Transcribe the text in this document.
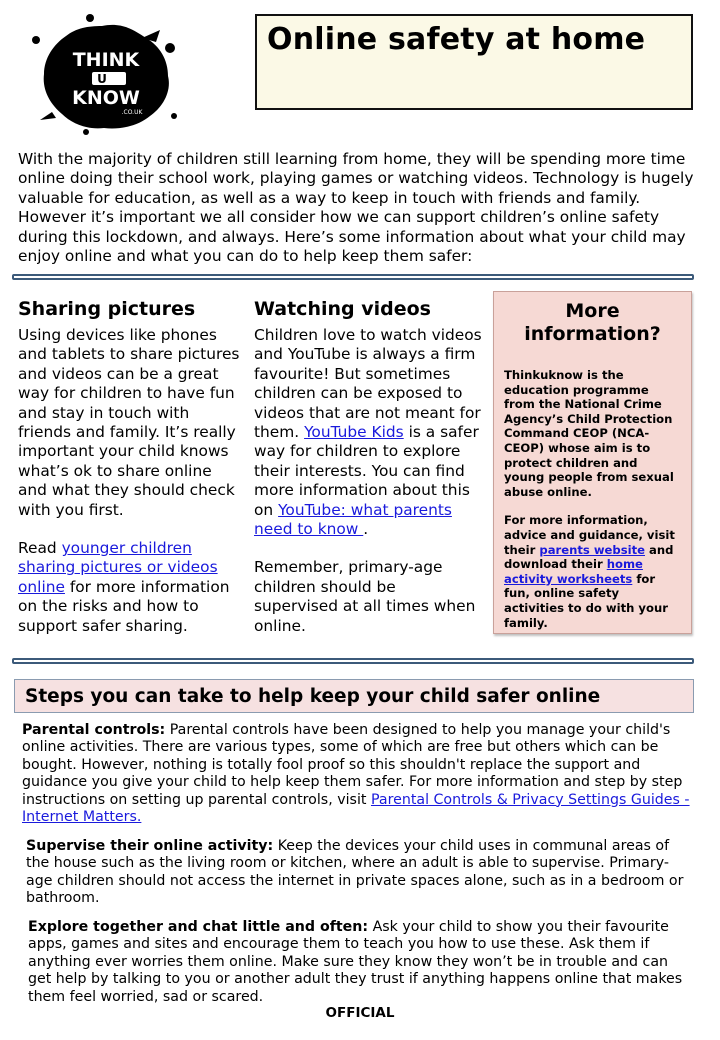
THINK
U
KNOW
.CO.UK
Online safety at home
With the majority of children still learning from home, they will be spending more time online doing their school work, playing games or watching videos. Technology is hugely valuable for education, as well as a way to keep in touch with friends and family. However it’s important we all consider how we can support children’s online safety during this lockdown, and always. Here’s some information about what your child may enjoy online and what you can do to help keep them safer:
Sharing pictures
Using devices like phones and tablets to share pictures and videos can be a great way for children to have fun and stay in touch with friends and family. It’s really important your child knows what’s ok to share online and what they should check with you first.
Read younger children sharing pictures or videos online for more information on the risks and how to support safer sharing.
Watching videos
Children love to watch videos and YouTube is always a firm favourite! But sometimes children can be exposed to videos that are not meant for them. YouTube Kids is a safer way for children to explore their interests. You can find more information about this on YouTube: what parents need to know .
Remember, primary-age children should be supervised at all times when online.
More information?

Thinkuknow is the education programme from the National Crime Agency’s Child Protection Command CEOP (NCA-CEOP) whose aim is to protect children and young people from sexual abuse online.

For more information, advice and guidance, visit their parents website and download their home activity worksheets for fun, online safety activities to do with your family.

Steps you can take to help keep your child safer online
Parental controls: Parental controls have been designed to help you manage your child's online activities. There are various types, some of which are free but others which can be bought. However, nothing is totally fool proof so this shouldn't replace the support and guidance you give your child to help keep them safer. For more information and step by step instructions on setting up parental controls, visit Parental Controls & Privacy Settings Guides - Internet Matters.
Supervise their online activity: Keep the devices your child uses in communal areas of the house such as the living room or kitchen, where an adult is able to supervise. Primary-age children should not access the internet in private spaces alone, such as in a bedroom or bathroom.
Explore together and chat little and often: Ask your child to show you their favourite apps, games and sites and encourage them to teach you how to use these. Ask them if anything ever worries them online. Make sure they know they won’t be in trouble and can get help by talking to you or another adult they trust if anything happens online that makes them feel worried, sad or scared.
OFFICIAL
